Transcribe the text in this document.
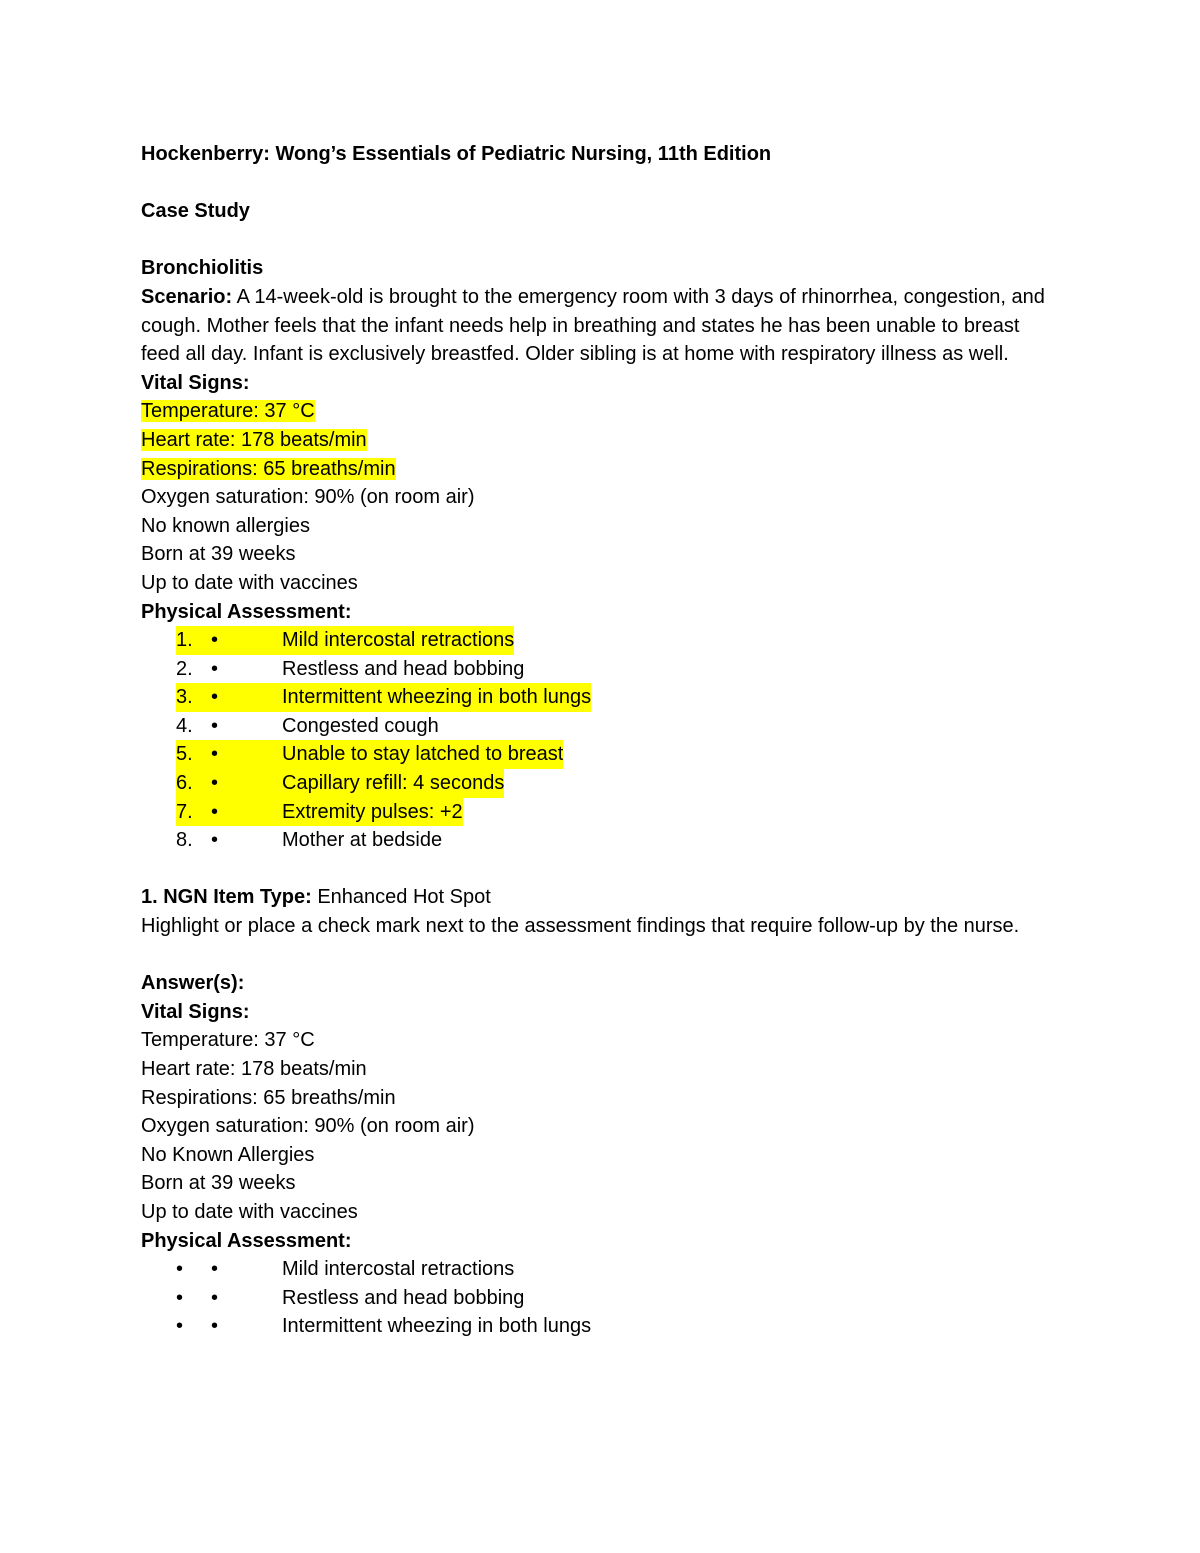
Hockenberry: Wong’s Essentials of Pediatric Nursing, 11th Edition
Case Study
Bronchiolitis
Scenario: A 14-week-old is brought to the emergency room with 3 days of rhinorrhea, congestion, and cough. Mother feels that the infant needs help in breathing and states he has been unable to breast feed all day. Infant is exclusively breastfed. Older sibling is at home with respiratory illness as well.
Vital Signs:
Temperature: 37 °C
Heart rate: 178 beats/min
Respirations: 65 breaths/min
Oxygen saturation: 90% (on room air)
No known allergies
Born at 39 weeks
Up to date with vaccines
Physical Assessment:
1. •	Mild intercostal retractions
2. •	Restless and head bobbing
3. •	Intermittent wheezing in both lungs
4. •	Congested cough
5. •	Unable to stay latched to breast
6. •	Capillary refill: 4 seconds
7. •	Extremity pulses: +2
8. •	Mother at bedside
1. NGN Item Type: Enhanced Hot Spot
Highlight or place a check mark next to the assessment findings that require follow-up by the nurse.
Answer(s):
Vital Signs:
Temperature: 37 °C
Heart rate: 178 beats/min
Respirations: 65 breaths/min
Oxygen saturation: 90% (on room air)
No Known Allergies
Born at 39 weeks
Up to date with vaccines
Physical Assessment:
•	•	Mild intercostal retractions
•	•	Restless and head bobbing
•	•	Intermittent wheezing in both lungs
